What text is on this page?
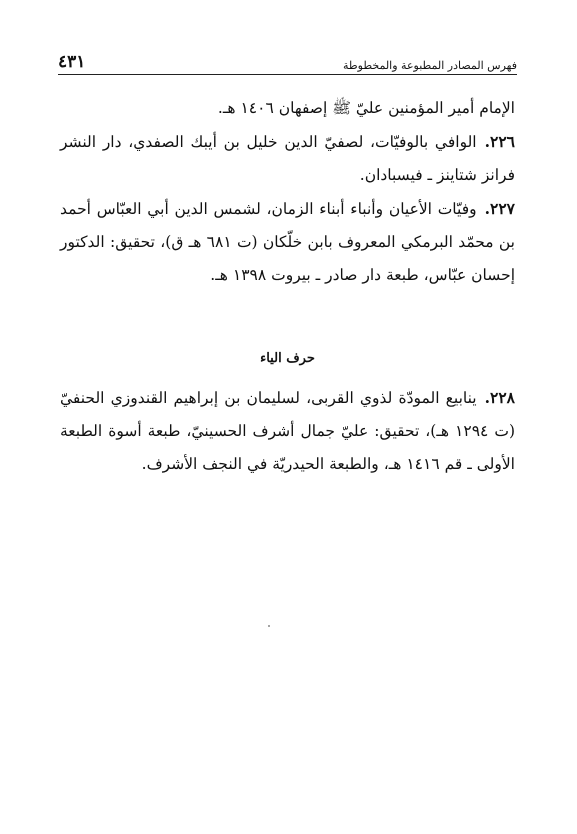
فهرس المصادر المطبوعة والمخطوطة
٤٣١

الإمام أمير المؤمنين عليّ ﷺ إصفهان ١٤٠٦ هـ.

٢٢٦.الوافي بالوفيّات، لصفيّ الدين خليل بن أيبك الصفدي، دار النشر فرانز شتاينز ـ فيسبادان.

٢٢٧.وفيّات الأعيان وأنباء أبناء الزمان، لشمس الدين أبي العبّاس أحمد بن محمّد البرمكي المعروف بابن خلّكان (ت ٦٨١ هـ ق)، تحقيق: الدكتور إحسان عبّاس، طبعة دار صادر ـ بيروت ١٣٩٨ هـ.

حرف الياء

٢٢٨.ينابيع المودّة لذوي القربى، لسليمان بن إبراهيم القندوزي الحنفيّ (ت ١٢٩٤ هـ)، تحقيق: عليّ جمال أشرف الحسينيّ، طبعة أسوة الطبعة الأولى ـ قم ١٤١٦ هـ، والطبعة الحيدريّة في النجف الأشرف.
